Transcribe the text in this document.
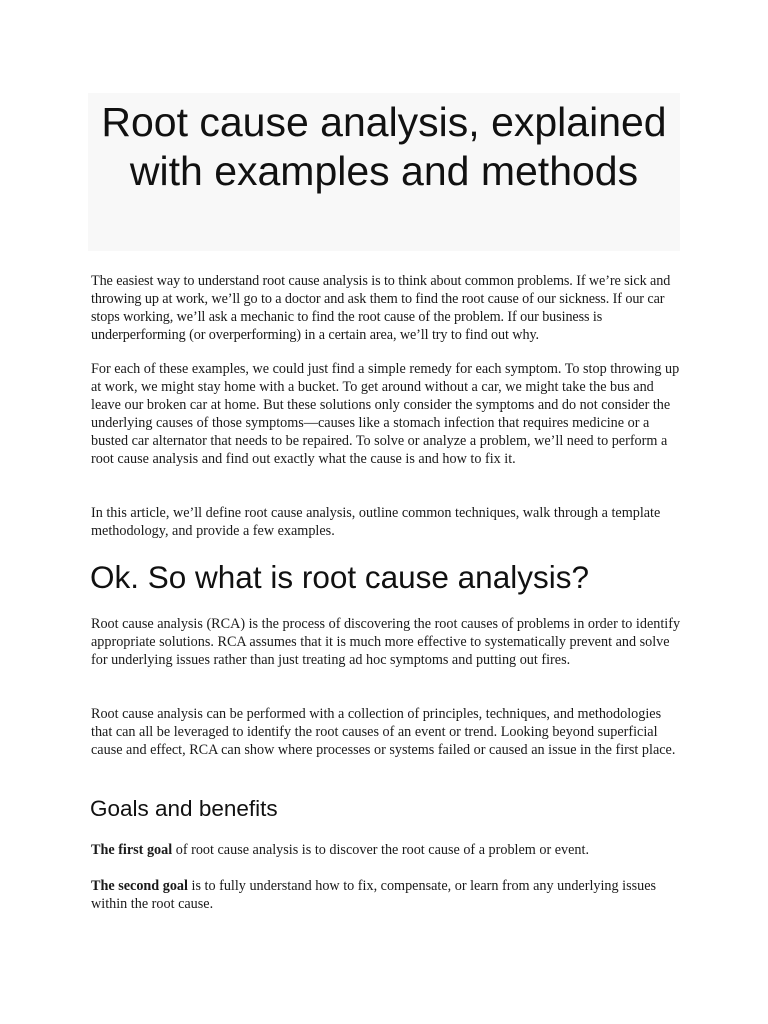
Root cause analysis, explained with examples and methods

The easiest way to understand root cause analysis is to think about common problems. If we’re sick and throwing up at work, we’ll go to a doctor and ask them to find the root cause of our sickness. If our car stops working, we’ll ask a mechanic to find the root cause of the problem. If our business is underperforming (or overperforming) in a certain area, we’ll try to find out why.

For each of these examples, we could just find a simple remedy for each symptom. To stop throwing up at work, we might stay home with a bucket. To get around without a car, we might take the bus and leave our broken car at home. But these solutions only consider the symptoms and do not consider the underlying causes of those symptoms—causes like a stomach infection that requires medicine or a busted car alternator that needs to be repaired. To solve or analyze a problem, we’ll need to perform a root cause analysis and find out exactly what the cause is and how to fix it.

In this article, we’ll define root cause analysis, outline common techniques, walk through a template methodology, and provide a few examples.

Ok. So what is root cause analysis?

Root cause analysis (RCA) is the process of discovering the root causes of problems in order to identify appropriate solutions. RCA assumes that it is much more effective to systematically prevent and solve for underlying issues rather than just treating ad hoc symptoms and putting out fires.

Root cause analysis can be performed with a collection of principles, techniques, and methodologies that can all be leveraged to identify the root causes of an event or trend. Looking beyond superficial cause and effect, RCA can show where processes or systems failed or caused an issue in the first place.

Goals and benefits

The first goal of root cause analysis is to discover the root cause of a problem or event.

The second goal is to fully understand how to fix, compensate, or learn from any underlying issues within the root cause.
